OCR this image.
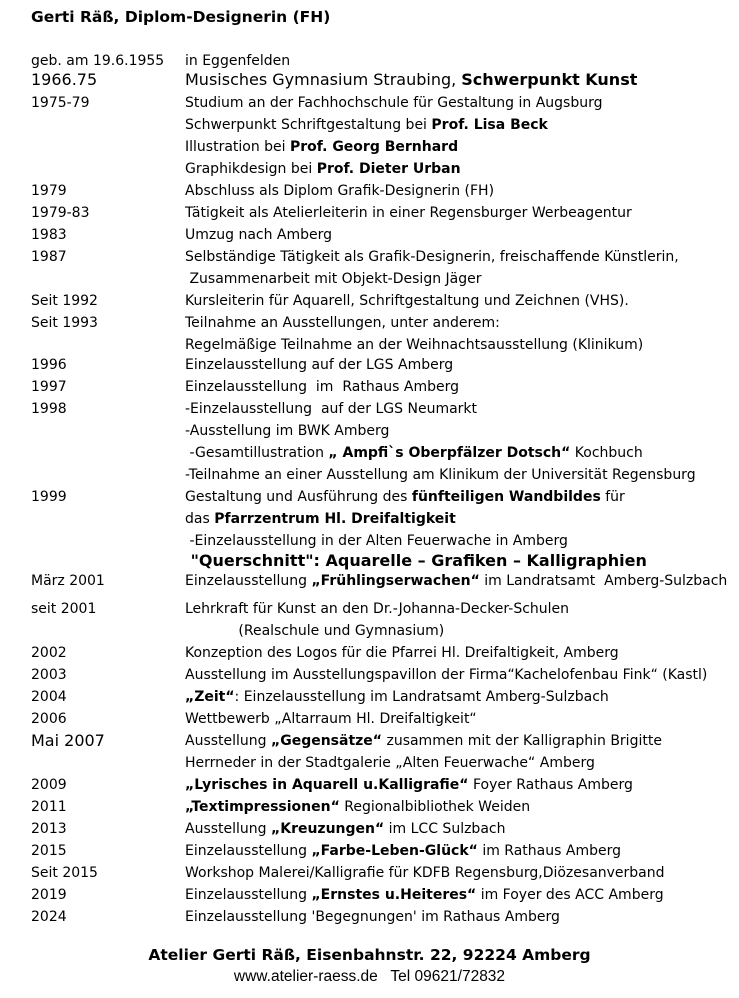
Gerti Räß, Diplom-Designerin (FH)
geb. am 19.6.1955 in Eggenfelden
1966.75	Musisches Gymnasium Straubing, Schwerpunkt Kunst
1975-79	Studium an der Fachhochschule für Gestaltung in Augsburg
Schwerpunkt Schriftgestaltung bei Prof. Lisa Beck
Illustration bei Prof. Georg Bernhard
Graphikdesign bei Prof. Dieter Urban
1979	Abschluss als Diplom Grafik-Designerin (FH)
1979-83	Tätigkeit als Atelierleiterin in einer Regensburger Werbeagentur
1983	Umzug nach Amberg
1987	Selbständige Tätigkeit als Grafik-Designerin, freischaffende Künstlerin,
Zusammenarbeit mit Objekt-Design Jäger
Seit 1992	Kursleiterin für Aquarell, Schriftgestaltung und Zeichnen (VHS).
Seit 1993	Teilnahme an Ausstellungen, unter anderem:
Regelmäßige Teilnahme an der Weihnachtsausstellung (Klinikum)
1996	Einzelausstellung auf der LGS Amberg
1997	Einzelausstellung  im  Rathaus Amberg
1998	-Einzelausstellung  auf der LGS Neumarkt
-Ausstellung im BWK Amberg
-Gesamtillustration „ Ampfi`s Oberpfälzer Dotsch“ Kochbuch
-Teilnahme an einer Ausstellung am Klinikum der Universität Regensburg
1999	Gestaltung und Ausführung des fünfteiligen Wandbildes für
das Pfarrzentrum Hl. Dreifaltigkeit
-Einzelausstellung in der Alten Feuerwache in Amberg
"Querschnitt": Aquarelle – Grafiken – Kalligraphien
März 2001	Einzelausstellung „Frühlingserwachen“ im Landratsamt  Amberg-Sulzbach
seit 2001	Lehrkraft für Kunst an den Dr.-Johanna-Decker-Schulen
(Realschule und Gymnasium)
2002	Konzeption des Logos für die Pfarrei Hl. Dreifaltigkeit, Amberg
2003	Ausstellung im Ausstellungspavillon der Firma“Kachelofenbau Fink“ (Kastl)
2004	„Zeit“: Einzelausstellung im Landratsamt Amberg-Sulzbach
2006	Wettbewerb „Altarraum Hl. Dreifaltigkeit“
Mai 2007	Ausstellung „Gegensätze“ zusammen mit der Kalligraphin Brigitte
Herrneder in der Stadtgalerie „Alten Feuerwache“ Amberg
2009	„Lyrisches in Aquarell u.Kalligrafie“ Foyer Rathaus Amberg
2011	„Textimpressionen“ Regionalbibliothek Weiden
2013	Ausstellung „Kreuzungen“ im LCC Sulzbach
2015	Einzelausstellung „Farbe-Leben-Glück“ im Rathaus Amberg
Seit 2015	Workshop Malerei/Kalligrafie für KDFB Regensburg,Diözesanverband
2019	Einzelausstellung „Ernstes u.Heiteres“ im Foyer des ACC Amberg
2024	Einzelausstellung 'Begegnungen' im Rathaus Amberg
Atelier Gerti Räß, Eisenbahnstr. 22, 92224 Amberg
www.atelier-raess.de   Tel 09621/72832
